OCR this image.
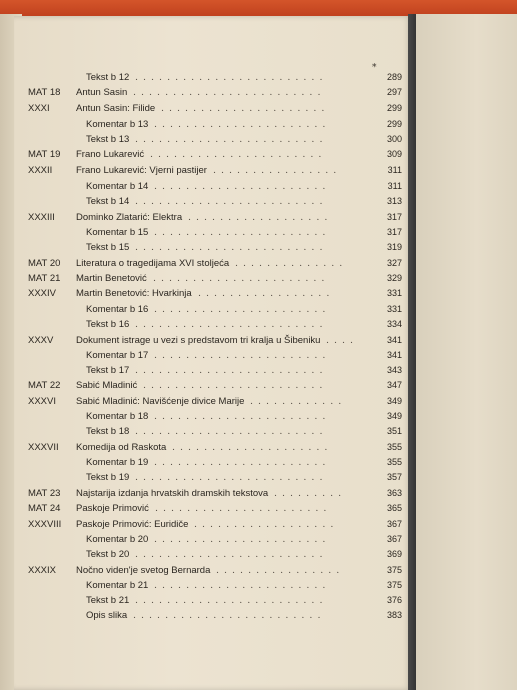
*
Tekst b 12 ........................	289
MAT 18 Antun Sasin ........................	297
XXXI	Antun Sasin: Filide .....................	299
Komentar b 13 ......................	299
Tekst b 13 ........................	300
MAT 19 Frano Lukarević ......................	309
XXXII Frano Lukarević: Vjerni pastijer ................	311
Komentar b 14 ......................	311
Tekst b 14 ........................	313
XXXIII Dominko Zlatarić: Elektra ..................	317
Komentar b 15 ......................	317
Tekst b 15 ........................	319
MAT 20 Literatura o tragedijama XVI stoljeća ..............	327
MAT 21 Martin Benetović ......................	329
XXXIV Martin Benetović: Hvarkinja .................	331
Komentar b 16 ......................	331
Tekst b 16 ........................	334
XXXV Dokument istrage u vezi s predstavom tri kralja u Šibeniku ....	341
Komentar b 17 ......................	341
Tekst b 17 ........................	343
MAT 22 Sabić Mladinić .......................	347
XXXVI Sabić Mladinić: Navišćenje divice Marije ............	349
Komentar b 18 ......................	349
Tekst b 18 ........................	351
XXXVII Komedija od Raskota ....................	355
Komentar b 19 ......................	355
Tekst b 19 ........................	357
MAT 23 Najstarija izdanja hrvatskih dramskih tekstova .........	363
MAT 24 Paskoje Primović ......................	365
XXXVIII Paskoje Primović: Euridiče ..................	367
Komentar b 20 ......................	367
Tekst b 20 ........................	369
XXXIX Nočno viden'je svetog Bernarda ................	375
Komentar b 21 ......................	375
Tekst b 21 ........................	376
Opis slika ........................	383
